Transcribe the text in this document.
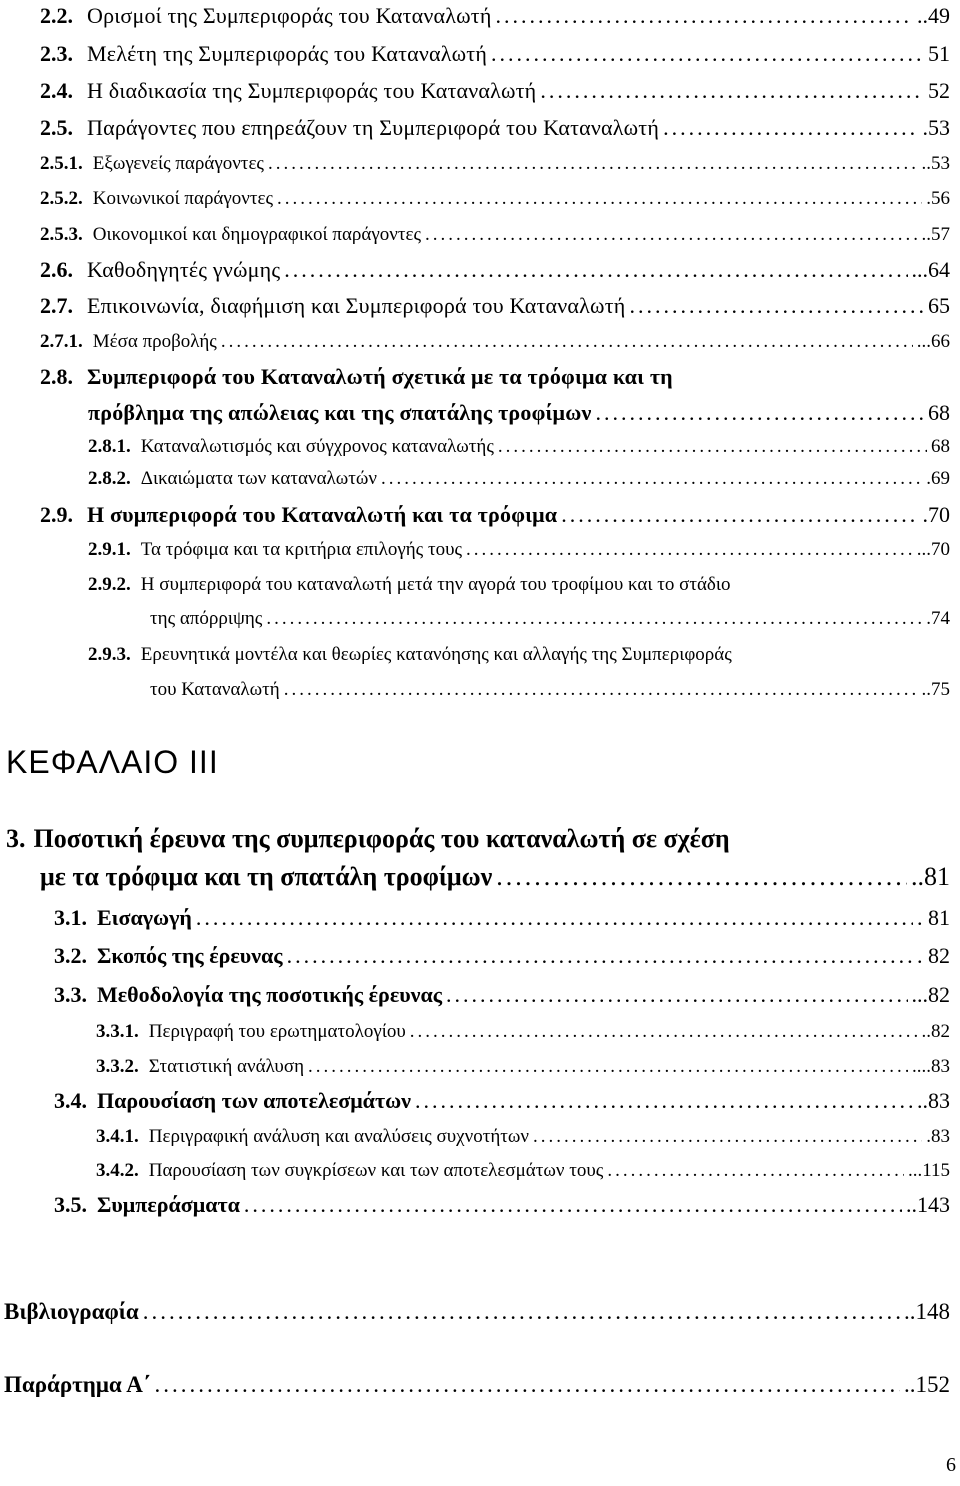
2.2. Ορισμοί της Συμπεριφοράς του Καταναλωτή .....	..49
2.3. Μελέτη της Συμπεριφοράς του Καταναλωτή .....	51
2.4. Η διαδικασία της Συμπεριφοράς του Καταναλωτή .....	52
2.5. Παράγοντες που επηρεάζουν τη Συμπεριφορά του Καταναλωτή .....	.53
2.5.1. Εξωγενείς παράγοντες .....	..53
2.5.2. Κοινωνικοί παράγοντες .....	.56
2.5.3. Οικονομικοί και δημογραφικοί παράγοντες .....	..57
2.6. Καθοδηγητές γνώμης .....	...64
2.7. Επικοινωνία, διαφήμιση και Συμπεριφορά του Καταναλωτή .....	65
2.7.1. Μέσα προβολής .....	...66
2.8. Συμπεριφορά του Καταναλωτή σχετικά με τα τρόφιμα και τη
πρόβλημα της απώλειας και της σπατάλης τροφίμων .....	68
2.8.1. Καταναλωτισμός και σύγχρονος καταναλωτής .....	68
2.8.2. Δικαιώματα των καταναλωτών .....	.69
2.9. Η συμπεριφορά του Καταναλωτή και τα τρόφιμα .....	.70
2.9.1. Τα τρόφιμα και τα κριτήρια επιλογής τους .....	...70
2.9.2. Η συμπεριφορά του καταναλωτή μετά την αγορά του τροφίμου και το στάδιο
της απόρριψης .....	.74
2.9.3. Ερευνητικά μοντέλα και θεωρίες κατανόησης και αλλαγής της Συμπεριφοράς
του Καταναλωτή .....	..75
ΚΕΦΑΛΑΙΟ ΙΙΙ
3. Ποσοτική έρευνα της συμπεριφοράς του καταναλωτή σε σχέση
με τα τρόφιμα και τη σπατάλη τροφίμων .....	..81
3.1. Εισαγωγή .....	. 81
3.2. Σκοπός της έρευνας .....	. 82
3.3. Μεθοδολογία της ποσοτικής έρευνας .....	...82
3.3.1. Περιγραφή του ερωτηματολογίου .....	..82
3.3.2. Στατιστική ανάλυση .....	....83
3.4. Παρουσίαση των αποτελεσμάτων .....	..83
3.4.1. Περιγραφική ανάλυση και αναλύσεις συχνοτήτων .....	.83
3.4.2. Παρουσίαση των συγκρίσεων και των αποτελεσμάτων τους .....	...115
3.5. Συμπεράσματα .....	..143
Βιβλιογραφία .....	..148
Παράρτημα Α΄ .....	..152
6
